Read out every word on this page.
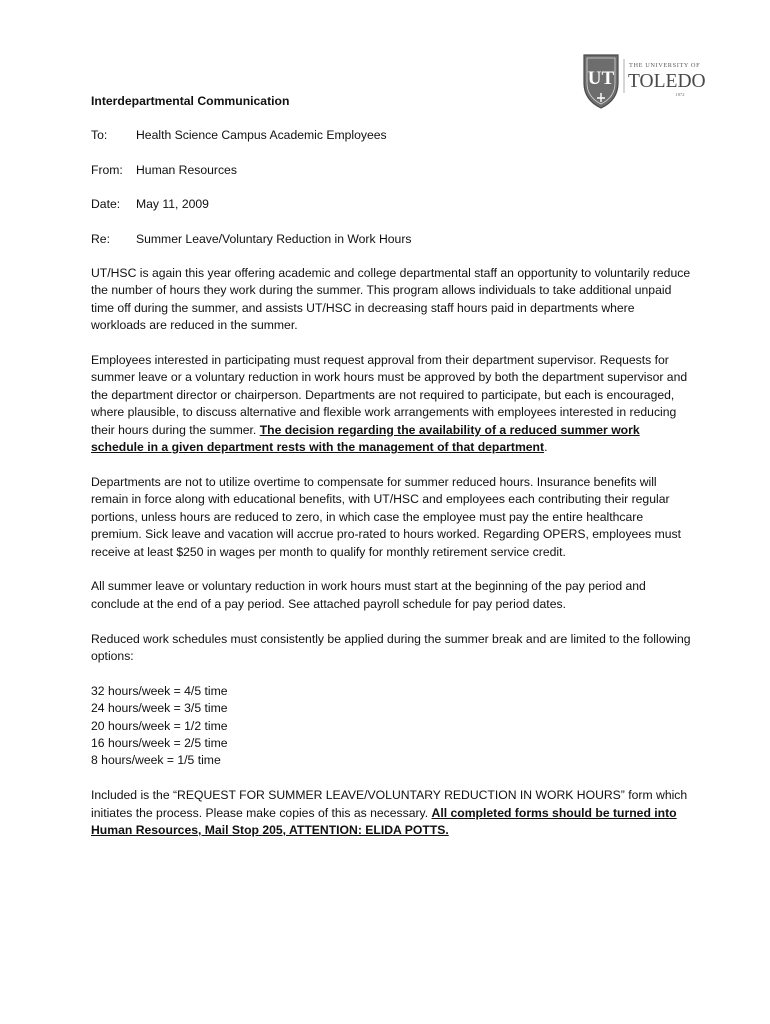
UT
THE UNIVERSITY OF
TOLEDO
1872
Interdepartmental Communication
To:	Health Science Campus Academic Employees
From:	Human Resources
Date:	May 11, 2009
Re:	Summer Leave/Voluntary Reduction in Work Hours

UT/HSC is again this year offering academic and college departmental staff an opportunity to voluntarily reduce the number of hours they work during the summer. This program allows individuals to take additional unpaid time off during the summer, and assists UT/HSC in decreasing staff hours paid in departments where workloads are reduced in the summer.

Employees interested in participating must request approval from their department supervisor. Requests for summer leave or a voluntary reduction in work hours must be approved by both the department supervisor and the department director or chairperson. Departments are not required to participate, but each is encouraged, where plausible, to discuss alternative and flexible work arrangements with employees interested in reducing their hours during the summer. The decision regarding the availability of a reduced summer work schedule in a given department rests with the management of that department.

Departments are not to utilize overtime to compensate for summer reduced hours. Insurance benefits will remain in force along with educational benefits, with UT/HSC and employees each contributing their regular portions, unless hours are reduced to zero, in which case the employee must pay the entire healthcare premium. Sick leave and vacation will accrue pro-rated to hours worked. Regarding OPERS, employees must receive at least $250 in wages per month to qualify for monthly retirement service credit.

All summer leave or voluntary reduction in work hours must start at the beginning of the pay period and conclude at the end of a pay period. See attached payroll schedule for pay period dates.

Reduced work schedules must consistently be applied during the summer break and are limited to the following options:

32 hours/week = 4/5 time
24 hours/week = 3/5 time
20 hours/week = 1/2 time
16 hours/week = 2/5 time
8 hours/week = 1/5 time

Included is the “REQUEST FOR SUMMER LEAVE/VOLUNTARY REDUCTION IN WORK HOURS” form which initiates the process. Please make copies of this as necessary. All completed forms should be turned into Human Resources, Mail Stop 205, ATTENTION: ELIDA POTTS.
